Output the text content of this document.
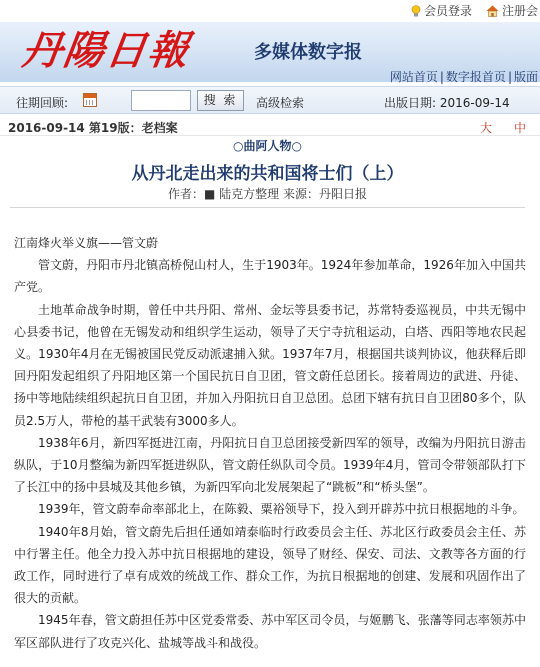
会员登录	注册会
丹陽日報	多媒体数字报
网站首页 | 数字报首页 | 版面
往期回顾:	搜 索	高级检索	出版日期: 2016-09-14
2016-09-14 第19版：老档案	大 中
○曲阿人物○
从丹北走出来的共和国将士们（上）
作者：■ 陆克方整理 来源：丹阳日报

江南烽火举义旗——管文蔚

管文蔚，丹阳市丹北镇高桥倪山村人，生于1903年。1924年参加革命，1926年加入中国共产党。

土地革命战争时期，曾任中共丹阳、常州、金坛等县委书记，苏常特委巡视员，中共无锡中心县委书记，他曾在无锡发动和组织学生运动，领导了天宁寺抗租运动，白塔、西阳等地农民起义。1930年4月在无锡被国民党反动派逮捕入狱。1937年7月，根据国共谈判协议，他获释后即回丹阳发起组织了丹阳地区第一个国民抗日自卫团，管文蔚任总团长。接着周边的武进、丹徒、扬中等地陆续组织起抗日自卫团，并加入丹阳抗日自卫总团。总团下辖有抗日自卫团80多个，队员2.5万人，带枪的基干武装有3000多人。

1938年6月，新四军挺进江南，丹阳抗日自卫总团接受新四军的领导，改编为丹阳抗日游击纵队，于10月整编为新四军挺进纵队，管文蔚任纵队司令员。1939年4月，管司令带领部队打下了长江中的扬中县城及其他乡镇，为新四军向北发展架起了“跳板”和“桥头堡”。

1939年，管文蔚奉命率部北上，在陈毅、粟裕领导下，投入到开辟苏中抗日根据地的斗争。

1940年8月始，管文蔚先后担任通如靖泰临时行政委员会主任、苏北区行政委员会主任、苏中行署主任。他全力投入苏中抗日根据地的建设，领导了财经、保安、司法、文教等各方面的行政工作，同时进行了卓有成效的统战工作、群众工作，为抗日根据地的创建、发展和巩固作出了很大的贡献。

1945年春，管文蔚担任苏中区党委常委、苏中军区司令员，与姬鹏飞、张藩等同志率领苏中军区部队进行了攻克兴化、盐城等战斗和战役。
